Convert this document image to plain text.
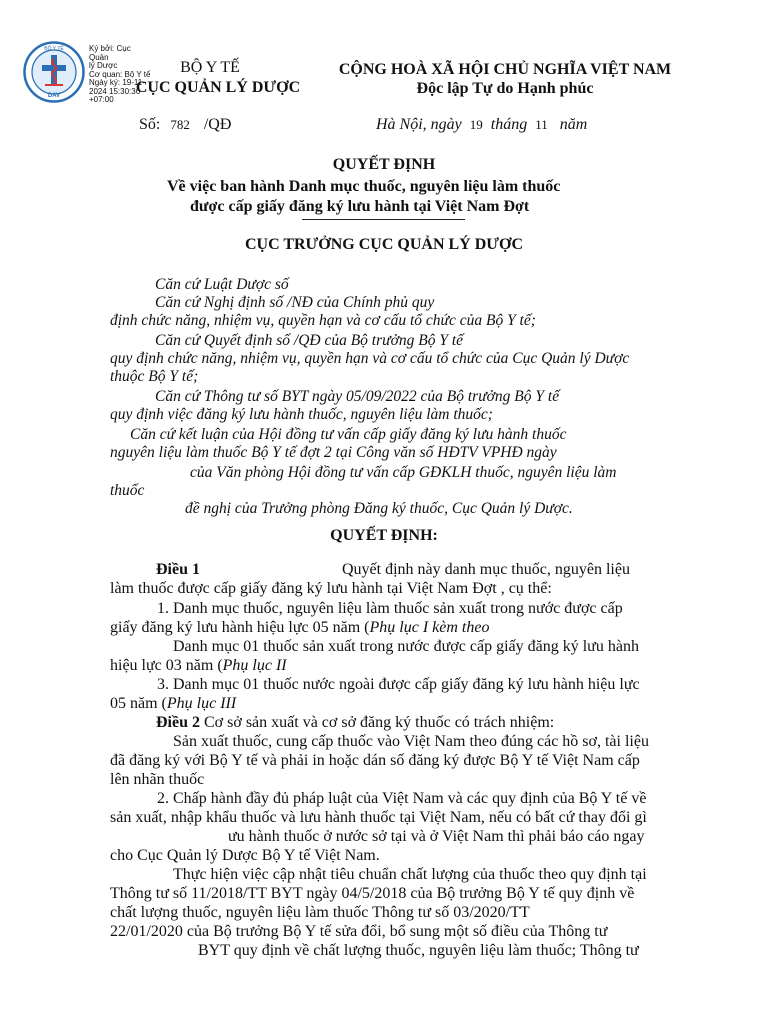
BỘ Y TẾ
DAV
Ký bởi: Cục Quản
lý Dược
Cơ quan: Bộ Y tế
Ngày ký: 19-11-
2024 15:30:36
+07:00
BỘ Y TẾ
CỤC QUẢN LÝ DƯỢC
CỘNG HOÀ XÃ HỘI CHỦ NGHĨA VIỆT NAM
Độc lập Tự do Hạnh phúc
Số: 782 /QĐ	Hà Nội, ngày 19 tháng 11 năm
QUYẾT ĐỊNH
Về việc ban hành Danh mục thuốc, nguyên liệu làm thuốc
được cấp giấy đăng ký lưu hành tại Việt Nam Đợt
CỤC TRƯỞNG CỤC QUẢN LÝ DƯỢC
Căn cứ Luật Dược số
Căn cứ Nghị định số /NĐ của Chính phủ quy
định chức năng, nhiệm vụ, quyền hạn và cơ cấu tổ chức của Bộ Y tế;
Căn cứ Quyết định số /QĐ của Bộ trưởng Bộ Y tế
quy định chức năng, nhiệm vụ, quyền hạn và cơ cấu tổ chức của Cục Quản lý Dược
thuộc Bộ Y tế;
Căn cứ Thông tư số BYT ngày 05/09/2022 của Bộ trưởng Bộ Y tế
quy định việc đăng ký lưu hành thuốc, nguyên liệu làm thuốc;
Căn cứ kết luận của Hội đồng tư vấn cấp giấy đăng ký lưu hành thuốc
nguyên liệu làm thuốc Bộ Y tế đợt 2 tại Công văn số HĐTV VPHĐ ngày
của Văn phòng Hội đồng tư vấn cấp GĐKLH thuốc, nguyên liệu làm
thuốc
đề nghị của Trưởng phòng Đăng ký thuốc, Cục Quản lý Dược.
QUYẾT ĐỊNH:
Điều 1	Quyết định này danh mục thuốc, nguyên liệu
làm thuốc được cấp giấy đăng ký lưu hành tại Việt Nam Đợt , cụ thể:
1. Danh mục thuốc, nguyên liệu làm thuốc sản xuất trong nước được cấp
giấy đăng ký lưu hành hiệu lực 05 năm (Phụ lục I kèm theo
Danh mục 01 thuốc sản xuất trong nước được cấp giấy đăng ký lưu hành
hiệu lực 03 năm (Phụ lục II
3. Danh mục 01 thuốc nước ngoài được cấp giấy đăng ký lưu hành hiệu lực
05 năm (Phụ lục III
Điều 2 Cơ sở sản xuất và cơ sở đăng ký thuốc có trách nhiệm:
Sản xuất thuốc, cung cấp thuốc vào Việt Nam theo đúng các hồ sơ, tài liệu
đã đăng ký với Bộ Y tế và phải in hoặc dán số đăng ký được Bộ Y tế Việt Nam cấp
lên nhãn thuốc
2. Chấp hành đầy đủ pháp luật của Việt Nam và các quy định của Bộ Y tế về
sản xuất, nhập khẩu thuốc và lưu hành thuốc tại Việt Nam, nếu có bất cứ thay đổi gì
ưu hành thuốc ở nước sở tại và ở Việt Nam thì phải báo cáo ngay
cho Cục Quản lý Dược Bộ Y tế Việt Nam.
Thực hiện việc cập nhật tiêu chuẩn chất lượng của thuốc theo quy định tại
Thông tư số 11/2018/TT BYT ngày 04/5/2018 của Bộ trưởng Bộ Y tế quy định về
chất lượng thuốc, nguyên liệu làm thuốc Thông tư số 03/2020/TT
22/01/2020 của Bộ trưởng Bộ Y tế sửa đổi, bổ sung một số điều của Thông tư
BYT quy định về chất lượng thuốc, nguyên liệu làm thuốc; Thông tư
